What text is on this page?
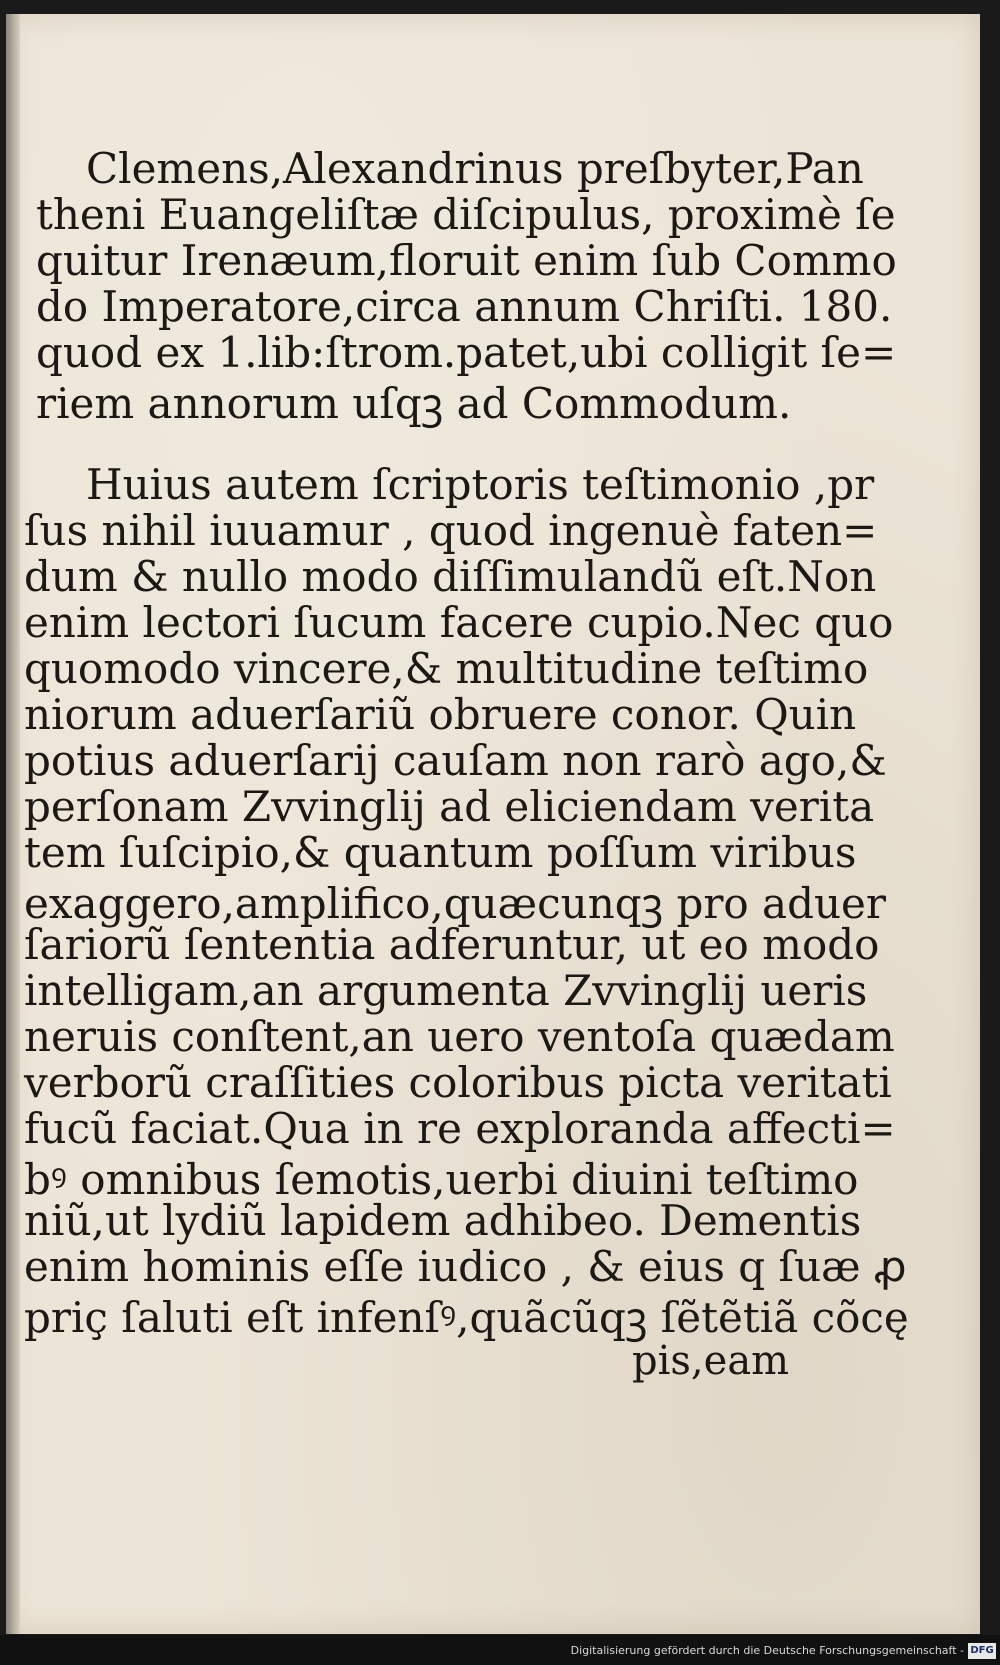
Clemens,Alexandrinus preſbyter,Pan
theni Euangeliſtæ diſcipulus, proximè ſe
quitur Irenæum,floruit enim ſub Commo
do Imperatore,circa annum Chriſti. 180.
quod ex 1.lib:ſtrom.patet,ubi colligit ſe=
riem annorum uſqꝫ ad Commodum.
Huius autem ſcriptoris teſtimonio ,pr
ſus nihil iuuamur , quod ingenuè faten=
dum & nullo modo diſſimulandũ eſt.Non
enim lectori ſucum facere cupio.Nec quo
quomodo vincere,& multitudine teſtimo
niorum aduerſariũ obruere conor. Quin
potius aduerſarij cauſam non rarò ago,&
perſonam Zvvinglij ad eliciendam verita
tem ſuſcipio,& quantum poſſum viribus
exaggero,amplifico,quæcunqꝫ pro aduer
ſariorũ ſententia adferuntur, ut eo modo
intelligam,an argumenta Zvvinglij ueris
neruis conſtent,an uero ventoſa quædam
verborũ craſſities coloribus picta veritati
fucũ faciat.Qua in re exploranda affecti=
bꝰ omnibus ſemotis,uerbi diuini teſtimo
niũ,ut lydiũ lapidem adhibeo. Dementis
enim hominis eſſe iudico , & eius q ſuæ ꝓ
priç ſaluti eſt infenſꝰ,quãcũqꝫ ſẽtẽtiã cõcę
pis,eam
Digitalisierung gefördert durch die Deutsche Forschungsgemeinschaft - DFG
